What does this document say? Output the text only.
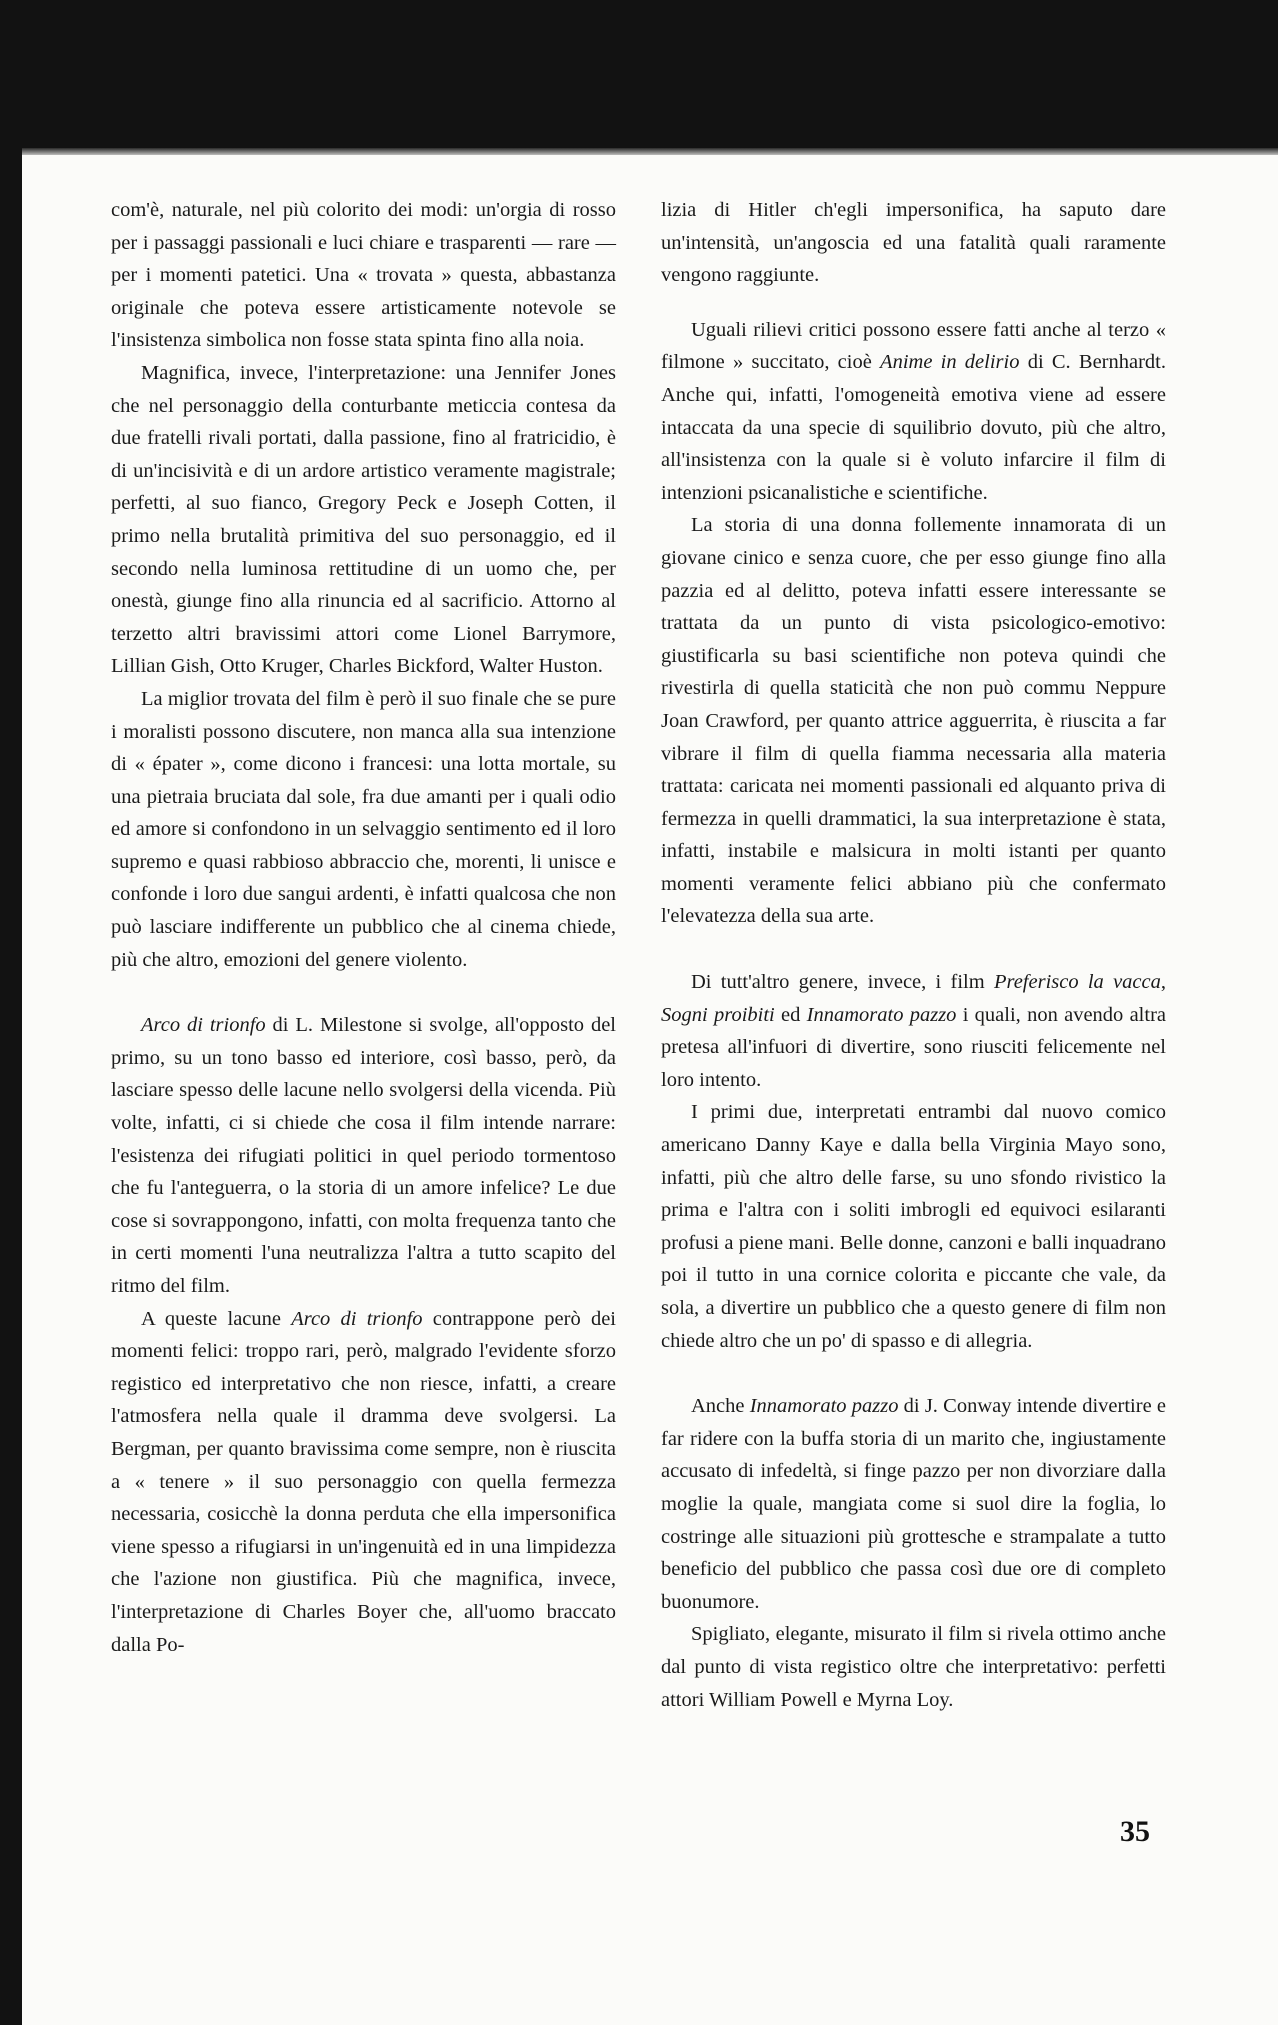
com'è, naturale, nel più colorito dei modi: un'orgia di rosso per i passaggi passionali e luci chiare e trasparenti — rare — per i momenti patetici. Una « trovata » questa, abbastanza originale che poteva essere artisticamente notevole se l'insistenza simbolica non fosse stata spinta fino alla noia.

Magnifica, invece, l'interpretazione: una Jennifer Jones che nel personaggio della conturbante meticcia contesa da due fratelli rivali portati, dalla passione, fino al fratricidio, è di un'incisività e di un ardore artistico veramente magistrale; perfetti, al suo fianco, Gregory Peck e Joseph Cotten, il primo nella brutalità primitiva del suo personaggio, ed il secondo nella luminosa rettitudine di un uomo che, per onestà, giunge fino alla rinuncia ed al sacrificio. Attorno al terzetto altri bravissimi attori come Lionel Barrymore, Lillian Gish, Otto Kruger, Charles Bickford, Walter Huston.

La miglior trovata del film è però il suo finale che se pure i moralisti possono discutere, non manca alla sua intenzione di « épater », come dicono i francesi: una lotta mortale, su una pietraia bruciata dal sole, fra due amanti per i quali odio ed amore si confondono in un selvaggio sentimento ed il loro supremo e quasi rabbioso abbraccio che, morenti, li unisce e confonde i loro due sangui ardenti, è infatti qualcosa che non può lasciare indifferente un pubblico che al cinema chiede, più che altro, emozioni del genere violento.

Arco di trionfo di L. Milestone si svolge, all'opposto del primo, su un tono basso ed interiore, così basso, però, da lasciare spesso delle lacune nello svolgersi della vicenda. Più volte, infatti, ci si chiede che cosa il film intende narrare: l'esistenza dei rifugiati politici in quel periodo tormentoso che fu l'anteguerra, o la storia di un amore infelice? Le due cose si sovrappongono, infatti, con molta frequenza tanto che in certi momenti l'una neutralizza l'altra a tutto scapito del ritmo del film.

A queste lacune Arco di trionfo contrappone però dei momenti felici: troppo rari, però, malgrado l'evidente sforzo registico ed interpretativo che non riesce, infatti, a creare l'atmosfera nella quale il dramma deve svolgersi. La Bergman, per quanto bravissima come sempre, non è riuscita a « tenere » il suo personaggio con quella fermezza necessaria, cosicchè la donna perduta che ella impersonifica viene spesso a rifugiarsi in un'ingenuità ed in una limpidezza che l'azione non giustifica. Più che magnifica, invece, l'interpretazione di Charles Boyer che, all'uomo braccato dalla Po-

lizia di Hitler ch'egli impersonifica, ha saputo dare un'intensità, un'angoscia ed una fatalità quali raramente vengono raggiunte.

Uguali rilievi critici possono essere fatti anche al terzo « filmone » succitato, cioè Anime in delirio di C. Bernhardt. Anche qui, infatti, l'omogeneità emotiva viene ad essere intaccata da una specie di squilibrio dovuto, più che altro, all'insistenza con la quale si è voluto infarcire il film di intenzioni psicanalistiche e scientifiche.

La storia di una donna follemente innamorata di un giovane cinico e senza cuore, che per esso giunge fino alla pazzia ed al delitto, poteva infatti essere interessante se trattata da un punto di vista psicologico-emotivo: giustificarla su basi scientifiche non poteva quindi che rivestirla di quella staticità che non può commu Neppure Joan Crawford, per quanto attrice agguerrita, è riuscita a far vibrare il film di quella fiamma necessaria alla materia trattata: caricata nei momenti passionali ed alquanto priva di fermezza in quelli drammatici, la sua interpretazione è stata, infatti, instabile e malsicura in molti istanti per quanto momenti veramente felici abbiano più che confermato l'elevatezza della sua arte.

Di tutt'altro genere, invece, i film Preferisco la vacca, Sogni proibiti ed Innamorato pazzo i quali, non avendo altra pretesa all'infuori di divertire, sono riusciti felicemente nel loro intento.

I primi due, interpretati entrambi dal nuovo comico americano Danny Kaye e dalla bella Virginia Mayo sono, infatti, più che altro delle farse, su uno sfondo rivistico la prima e l'altra con i soliti imbrogli ed equivoci esilaranti profusi a piene mani. Belle donne, canzoni e balli inquadrano poi il tutto in una cornice colorita e piccante che vale, da sola, a divertire un pubblico che a questo genere di film non chiede altro che un po' di spasso e di allegria.

Anche Innamorato pazzo di J. Conway intende divertire e far ridere con la buffa storia di un marito che, ingiustamente accusato di infedeltà, si finge pazzo per non divorziare dalla moglie la quale, mangiata come si suol dire la foglia, lo costringe alle situazioni più grottesche e strampalate a tutto beneficio del pubblico che passa così due ore di completo buonumore.

Spigliato, elegante, misurato il film si rivela ottimo anche dal punto di vista registico oltre che interpretativo: perfetti attori William Powell e Myrna Loy.

35
